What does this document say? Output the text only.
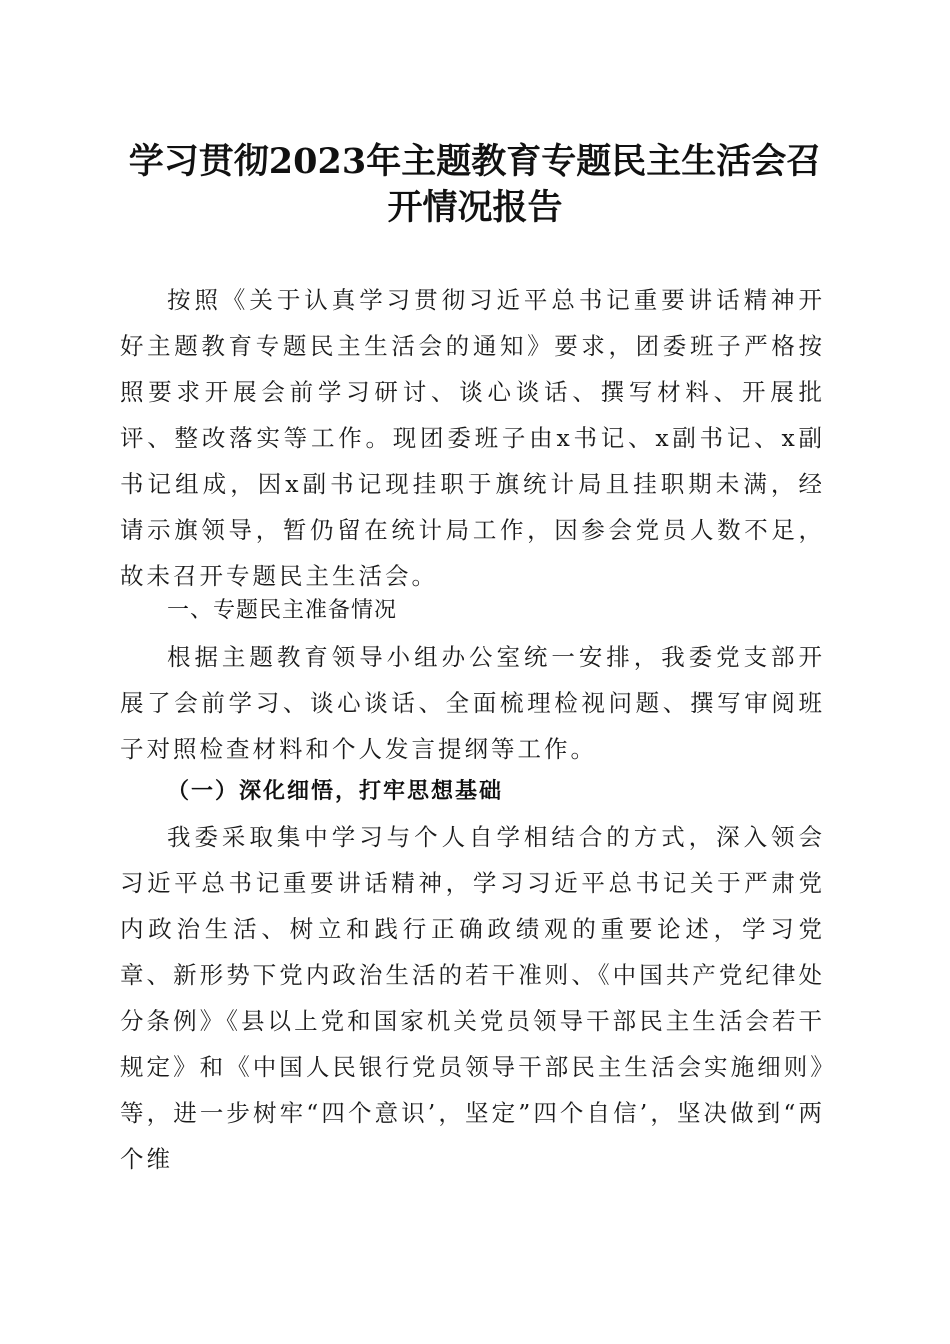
学习贯彻2023年主题教育专题民主生活会召
开情况报告
按照《关于认真学习贯彻习近平总书记重要讲话精神开好主题教育专题民主生活会的通知》要求，团委班子严格按照要求开展会前学习研讨、谈心谈话、撰写材料、开展批评、整改落实等工作。现团委班子由x书记、x副书记、x副书记组成，因x副书记现挂职于旗统计局且挂职期未满，经请示旗领导，暂仍留在统计局工作，因参会党员人数不足，故未召开专题民主生活会。
一、专题民主准备情况
根据主题教育领导小组办公室统一安排，我委党支部开展了会前学习、谈心谈话、全面梳理检视问题、撰写审阅班子对照检查材料和个人发言提纲等工作。
（一）深化细悟，打牢思想基础
我委采取集中学习与个人自学相结合的方式，深入领会习近平总书记重要讲话精神，学习习近平总书记关于严肃党内政治生活、树立和践行正确政绩观的重要论述，学习党章、新形势下党内政治生活的若干准则、《中国共产党纪律处分条例》《县以上党和国家机关党员领导干部民主生活会若干规定》和《中国人民银行党员领导干部民主生活会实施细则》等，进一步树牢“四个意识’，坚定”四个自信’，坚决做到“两个维
